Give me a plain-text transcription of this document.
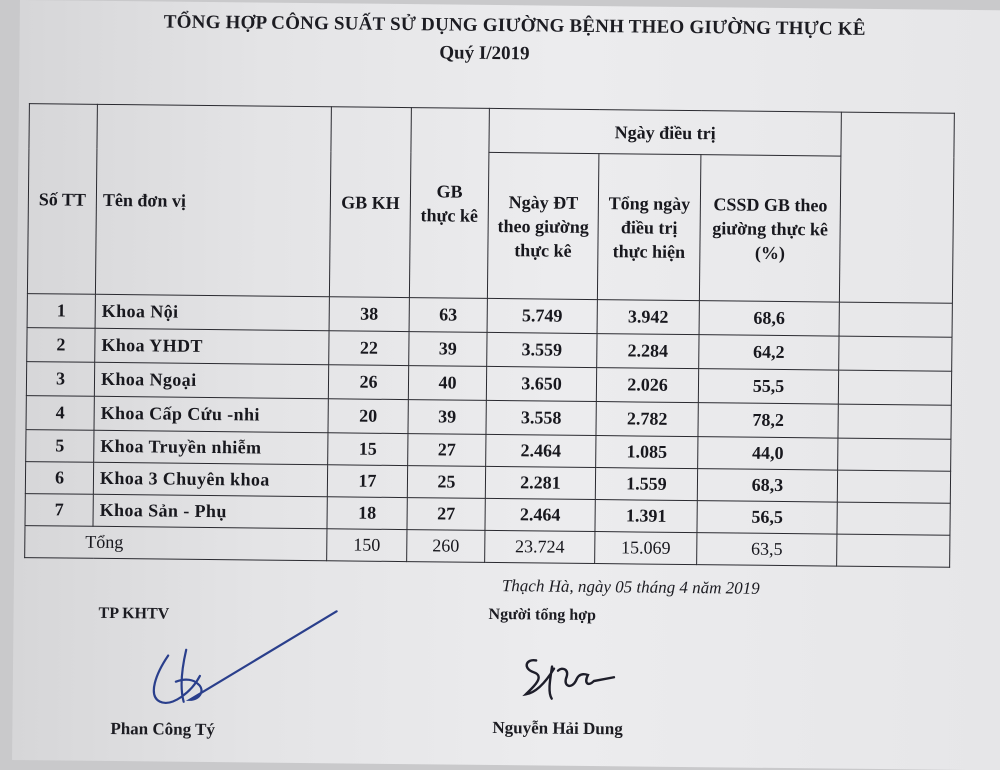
TỔNG HỢP CÔNG SUẤT SỬ DỤNG GIƯỜNG BỆNH THEO GIƯỜNG THỰC KÊ
Quý I/2019
Số TT	Tên đơn vị	GB KH	GB thực kê	Ngày điều trị			
				Ngày ĐT theo giường thực kê	Tổng ngày điều trị thực hiện	CSSD GB theo giường thực kê (%)	
1	Khoa Nội	38	63	5.749	3.942	68,6	
2	Khoa YHDT	22	39	3.559	2.284	64,2	
3	Khoa Ngoại	26	40	3.650	2.026	55,5	
4	Khoa Cấp Cứu -nhi	20	39	3.558	2.782	78,2	
5	Khoa Truyền nhiễm	15	27	2.464	1.085	44,0	
6	Khoa 3 Chuyên khoa	17	25	2.281	1.559	68,3	
7	Khoa Sản - Phụ	18	27	2.464	1.391	56,5	
Tổng		150	260	23.724	15.069	63,5	
Thạch Hà, ngày 05 tháng 4 năm 2019
TP KHTV	Người tổng hợp
Phan Công Tý	Nguyễn Hải Dung
